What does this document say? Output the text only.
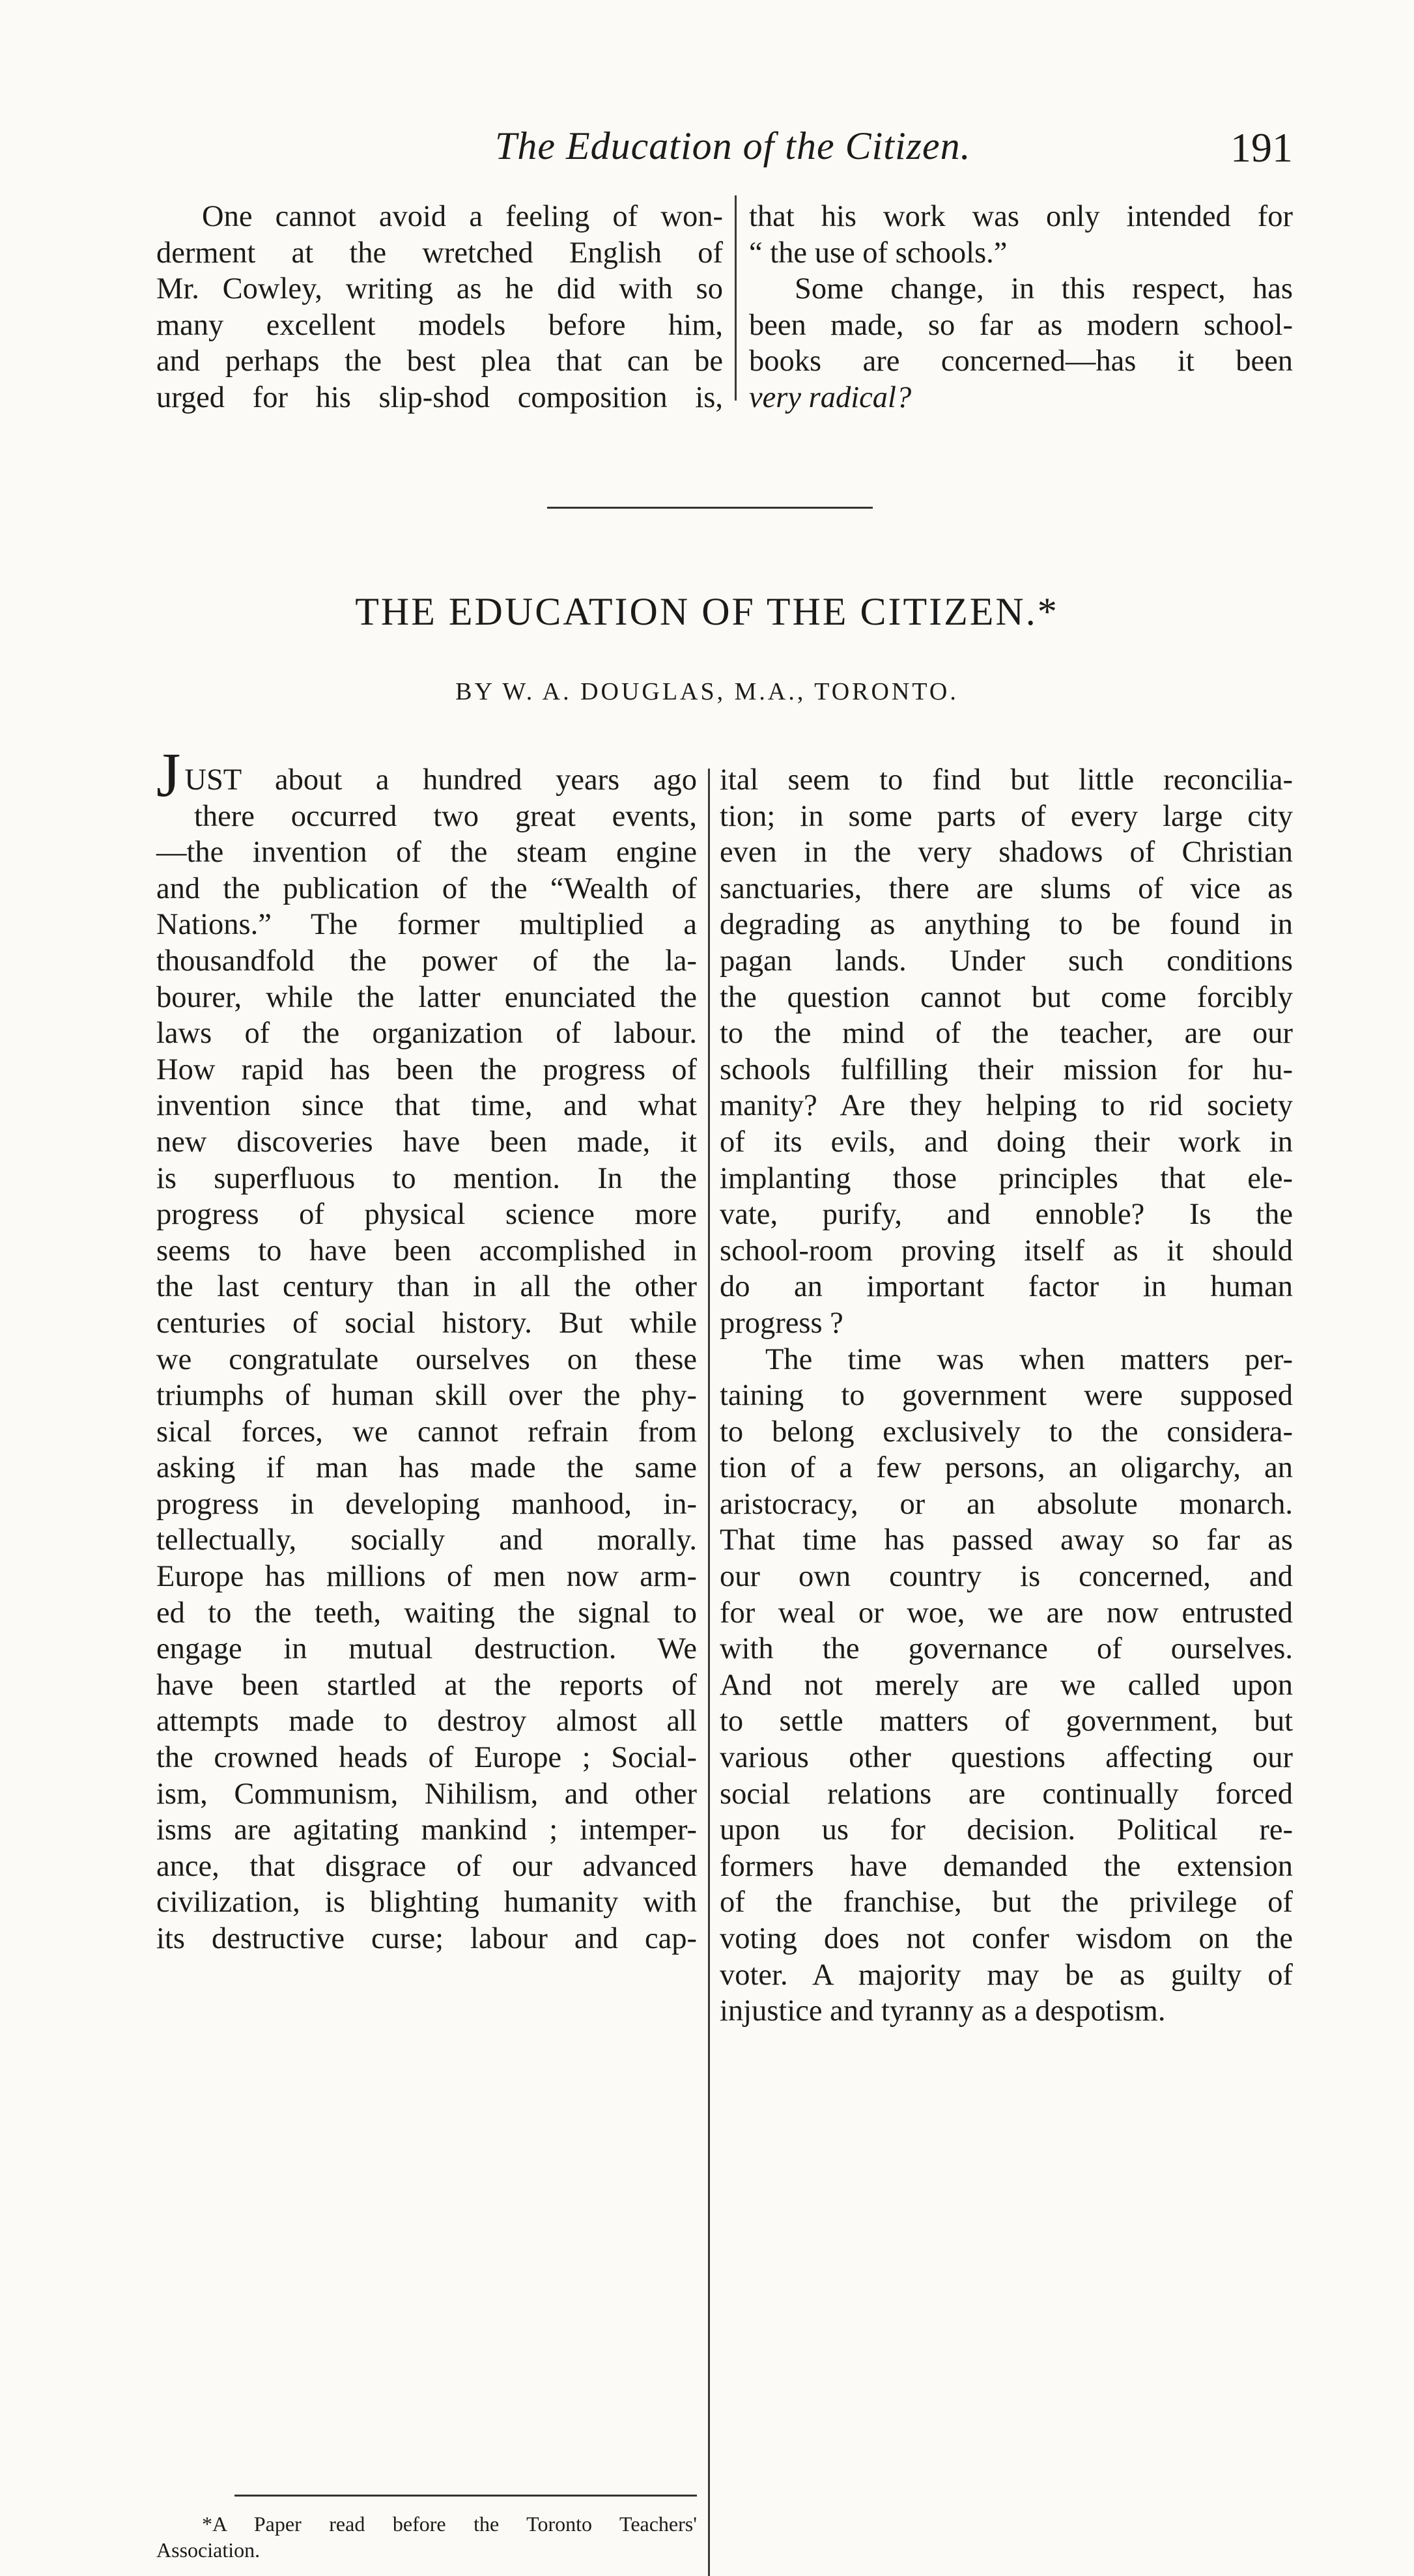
The Education of the Citizen.	191
One cannot avoid a feeling of won-
derment at the wretched English of
Mr. Cowley, writing as he did with so
many excellent models before him,
and perhaps the best plea that can be
urged for his slip-shod composition is,
that his work was only intended for
“ the use of schools.”
Some change, in this respect, has
been made, so far as modern school-
books are concerned—has it been
very radical?
THE EDUCATION OF THE CITIZEN.*
BY W. A. DOUGLAS, M.A., TORONTO.
JUST about a hundred years ago
there occurred two great events,
—the invention of the steam engine
and the publication of the “Wealth of
Nations.” The former multiplied a
thousandfold the power of the la-
bourer, while the latter enunciated the
laws of the organization of labour.
How rapid has been the progress of
invention since that time, and what
new discoveries have been made, it
is superfluous to mention. In the
progress of physical science more
seems to have been accomplished in
the last century than in all the other
centuries of social history. But while
we congratulate ourselves on these
triumphs of human skill over the phy-
sical forces, we cannot refrain from
asking if man has made the same
progress in developing manhood, in-
tellectually, socially and morally.
Europe has millions of men now arm-
ed to the teeth, waiting the signal to
engage in mutual destruction. We
have been startled at the reports of
attempts made to destroy almost all
the crowned heads of Europe ; Social-
ism, Communism, Nihilism, and other
isms are agitating mankind ; intemper-
ance, that disgrace of our advanced
civilization, is blighting humanity with
its destructive curse; labour and cap-
ital seem to find but little reconcilia-
tion; in some parts of every large city
even in the very shadows of Christian
sanctuaries, there are slums of vice as
degrading as anything to be found in
pagan lands. Under such conditions
the question cannot but come forcibly
to the mind of the teacher, are our
schools fulfilling their mission for hu-
manity? Are they helping to rid society
of its evils, and doing their work in
implanting those principles that ele-
vate, purify, and ennoble? Is the
school-room proving itself as it should
do an important factor in human
progress ?
The time was when matters per-
taining to government were supposed
to belong exclusively to the considera-
tion of a few persons, an oligarchy, an
aristocracy, or an absolute monarch.
That time has passed away so far as
our own country is concerned, and
for weal or woe, we are now entrusted
with the governance of ourselves.
And not merely are we called upon
to settle matters of government, but
various other questions affecting our
social relations are continually forced
upon us for decision. Political re-
formers have demanded the extension
of the franchise, but the privilege of
voting does not confer wisdom on the
voter. A majority may be as guilty of
injustice and tyranny as a despotism.
*A Paper read before the Toronto Teachers'
Association.
